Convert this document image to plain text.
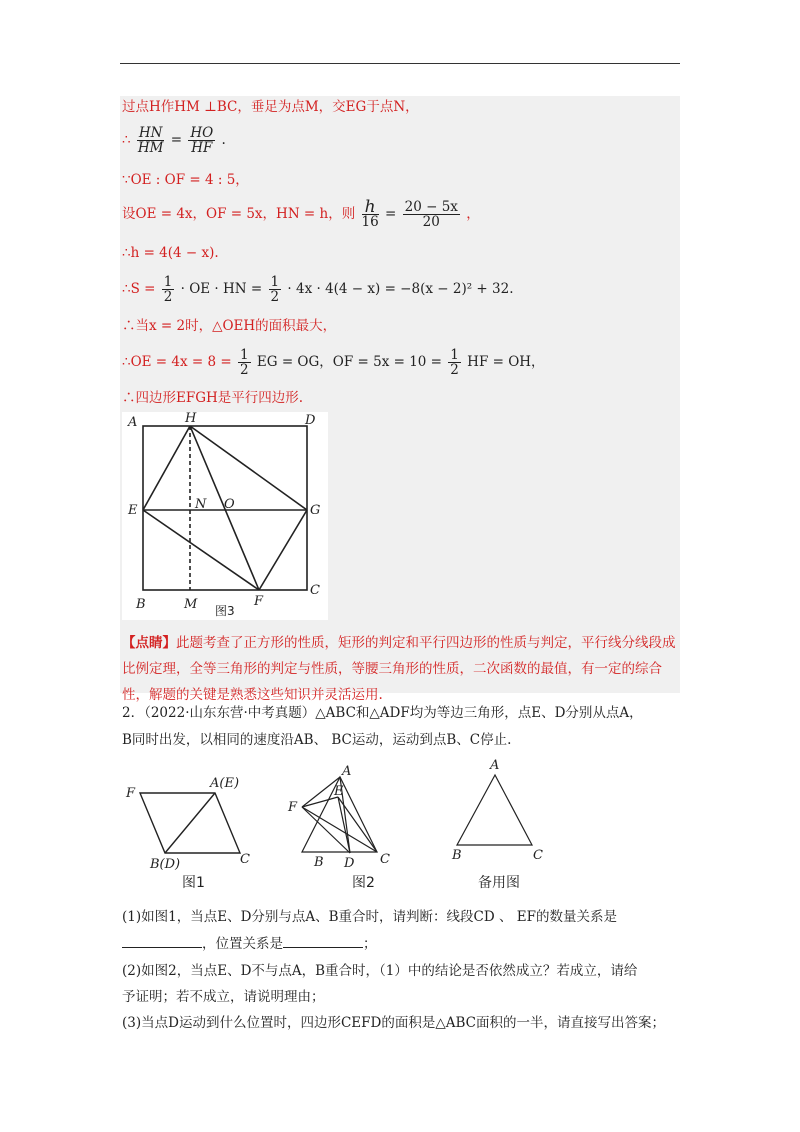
过点H作HM ⊥BC，垂足为点M，交EG于点N，
∴ $\frac{HN}{HM} = \frac{HO}{HF}$ .
∵OE : OF = 4 : 5，
设OE = 4x，OF = 5x，HN = h，则 $\frac{h}{16} = \frac{20 - 5x}{20}$ ，
∴h = 4(4 − x).
∴S = $\frac{1}{2}$ · OE · HN = $\frac{1}{2} \cdot 4x \cdot 4(4 - x) = -8(x - 2)^2 + 32$.
∴当x = 2时，△OEH的面积最大，
∴OE = $4x = 8 = \frac{1}{2}$ EG = OG，OF = $5x = 10 = \frac{1}{2}$ HF = OH，
∴四边形EFGH是平行四边形.
A	H	D
E	N O	G
B	M	F
C
图3
【点睛】此题考查了正方形的性质，矩形的判定和平行四边形的性质与判定，平行线分线段成比例定理，全等三角形的判定与性质，等腰三角形的性质，二次函数的最值，有一定的综合性，解题的关键是熟悉这些知识并灵活运用.
2．（2022·山东东营·中考真题）△ABC和△ADF均为等边三角形，点E、D分别从点A，
B同时出发，以相同的速度沿AB、 BC运动，运动到点B、C停止.
F
A(E)
B(D)	C
图1
A
F
E
B D C
图2
A
B	C
备用图
(1)如图1，当点E、D分别与点A、B重合时，请判断：线段CD 、 EF的数量关系是
，位置关系是	；
(2)如图2，当点E、D不与点A，B重合时，（1）中的结论是否依然成立？若成立，请给
予证明；若不成立，请说明理由；
(3)当点D运动到什么位置时，四边形CEFD的面积是△ABC面积的一半，请直接写出答案；
